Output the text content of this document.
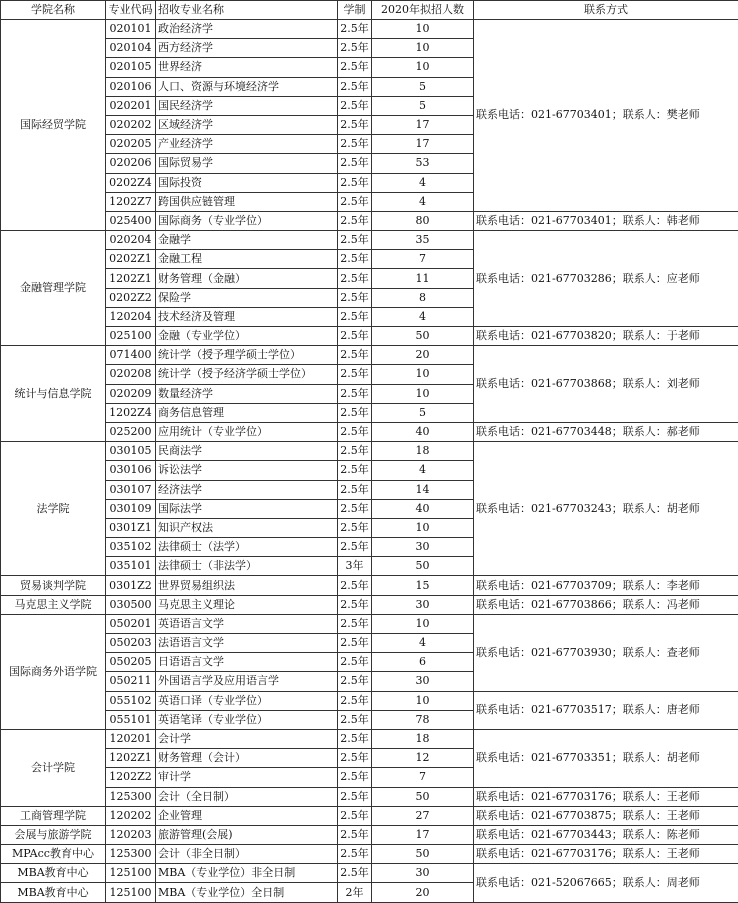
学院名称	专业代码	招收专业名称	学制	2020年拟招人数	联系方式
国际经贸学院	020101	政治经济学	2.5年	10	联系电话：021-67703401；联系人：樊老师
	020104	西方经济学	2.5年	10	
	020105	世界经济	2.5年	10	
	020106	人口、资源与环境经济学	2.5年	5	
	020201	国民经济学	2.5年	5	
	020202	区域经济学	2.5年	17	
	020205	产业经济学	2.5年	17	
	020206	国际贸易学	2.5年	53	
	0202Z4	国际投资	2.5年	4	
	1202Z7	跨国供应链管理	2.5年	4	
	025400	国际商务（专业学位）	2.5年	80	联系电话：021-67703401；联系人：韩老师
金融管理学院	020204	金融学	2.5年	35	联系电话：021-67703286；联系人：应老师
	0202Z1	金融工程	2.5年	7	
	1202Z1	财务管理（金融）	2.5年	11	
	0202Z2	保险学	2.5年	8	
	120204	技术经济及管理	2.5年	4	
	025100	金融（专业学位）	2.5年	50	联系电话：021-67703820；联系人：于老师
统计与信息学院	071400	统计学（授予理学硕士学位）	2.5年	20	联系电话：021-67703868；联系人：刘老师
	020208	统计学（授予经济学硕士学位）	2.5年	10	
	020209	数量经济学	2.5年	10	
	1202Z4	商务信息管理	2.5年	5	
	025200	应用统计（专业学位）	2.5年	40	联系电话：021-67703448；联系人：郝老师
法学院	030105	民商法学	2.5年	18	联系电话：021-67703243；联系人：胡老师
	030106	诉讼法学	2.5年	4	
	030107	经济法学	2.5年	14	
	030109	国际法学	2.5年	40	
	0301Z1	知识产权法	2.5年	10	
	035102	法律硕士（法学）	2.5年	30	
	035101	法律硕士（非法学）	3年	50	
贸易谈判学院	0301Z2	世界贸易组织法	2.5年	15	联系电话：021-67703709；联系人：李老师
马克思主义学院	030500	马克思主义理论	2.5年	30	联系电话：021-67703866；联系人：冯老师
国际商务外语学院	050201	英语语言文学	2.5年	10	联系电话：021-67703930；联系人：查老师
	050203	法语语言文学	2.5年	4	
	050205	日语语言文学	2.5年	6	
	050211	外国语言学及应用语言学	2.5年	30	
	055102	英语口译（专业学位）	2.5年	10	联系电话：021-67703517；联系人：唐老师
	055101	英语笔译（专业学位）	2.5年	78	
会计学院	120201	会计学	2.5年	18	联系电话：021-67703351；联系人：胡老师
	1202Z1	财务管理（会计）	2.5年	12	
	1202Z2	审计学	2.5年	7	
	125300	会计（全日制）	2.5年	50	联系电话：021-67703176；联系人：王老师
工商管理学院	120202	企业管理	2.5年	27	联系电话：021-67703875；联系人：王老师
会展与旅游学院	120203	旅游管理(会展)	2.5年	17	联系电话：021-67703443；联系人：陈老师
MPAcc教育中心	125300	会计（非全日制）	2.5年	50	联系电话：021-67703176；联系人：王老师
MBA教育中心	125100	MBA（专业学位）非全日制	2.5年	30	联系电话：021-52067665；联系人：周老师
MBA教育中心	125100	MBA（专业学位）全日制	2年	20	
